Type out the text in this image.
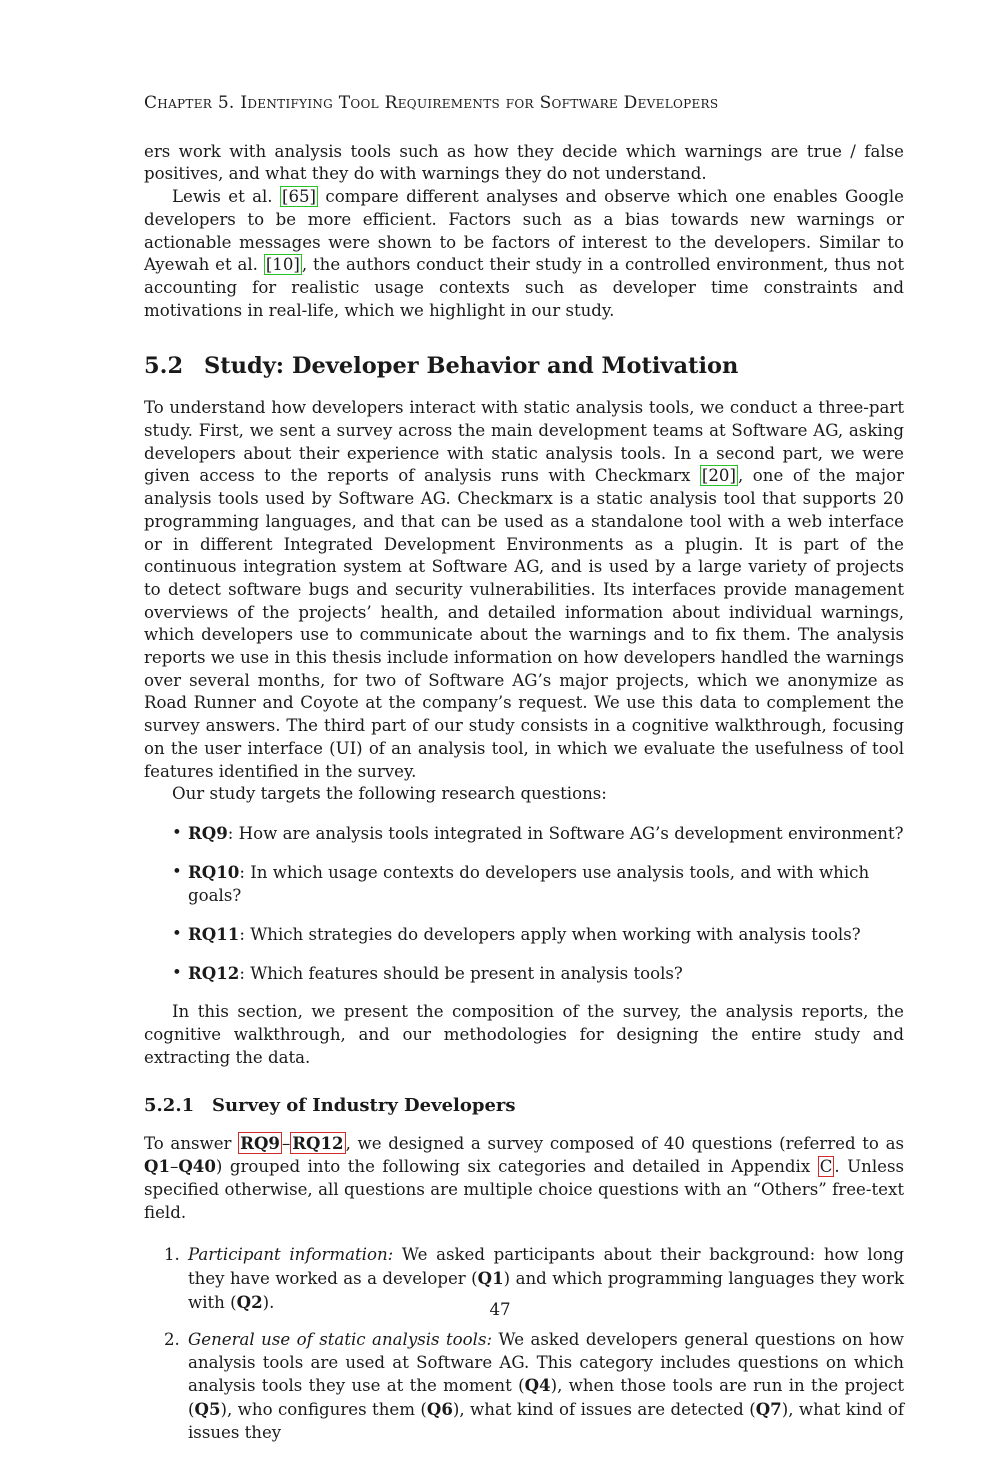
Chapter 5. Identifying Tool Requirements for Software Developers

ers work with analysis tools such as how they decide which warnings are true / false positives, and what they do with warnings they do not understand.

Lewis et al. [65] compare different analyses and observe which one enables Google developers to be more efficient. Factors such as a bias towards new warnings or actionable messages were shown to be factors of interest to the developers. Similar to Ayewah et al. [10] , the authors conduct their study in a controlled environment, thus not accounting for realistic usage contexts such as developer time constraints and motivations in real-life, which we highlight in our study.

5.2 Study: Developer Behavior and Motivation

To understand how developers interact with static analysis tools, we conduct a three-part study. First, we sent a survey across the main development teams at Software AG, asking developers about their experience with static analysis tools. In a second part, we were given access to the reports of analysis runs with Checkmarx [20] , one of the major analysis tools used by Software AG. Checkmarx is a static analysis tool that supports 20 programming languages, and that can be used as a standalone tool with a web interface or in different Integrated Development Environments as a plugin. It is part of the continuous integration system at Software AG, and is used by a large variety of projects to detect software bugs and security vulnerabilities. Its interfaces provide management overviews of the projects’ health, and detailed information about individual warnings, which developers use to communicate about the warnings and to fix them. The analysis reports we use in this thesis include information on how developers handled the warnings over several months, for two of Software AG’s major projects, which we anonymize as Road Runner and Coyote at the company’s request. We use this data to complement the survey answers. The third part of our study consists in a cognitive walkthrough, focusing on the user interface (UI) of an analysis tool, in which we evaluate the usefulness of tool features identified in the survey.

Our study targets the following research questions:

• RQ9: How are analysis tools integrated in Software AG’s development environment?
• RQ10: In which usage contexts do developers use analysis tools, and with which goals?
• RQ11: Which strategies do developers apply when working with analysis tools?
• RQ12: Which features should be present in analysis tools?

In this section, we present the composition of the survey, the analysis reports, the cognitive walkthrough, and our methodologies for designing the entire study and extracting the data.

5.2.1 Survey of Industry Developers

To answer RQ9 – RQ12 , we designed a survey composed of 40 questions (referred to as Q1–Q40) grouped into the following six categories and detailed in Appendix C . Unless specified otherwise, all questions are multiple choice questions with an “Others” free-text field.

1. Participant information: We asked participants about their background: how long they have worked as a developer (Q1) and which programming languages they work with (Q2).
2. General use of static analysis tools: We asked developers general questions on how analysis tools are used at Software AG. This category includes questions on which analysis tools they use at the moment (Q4), when those tools are run in the project (Q5), who configures them (Q6), what kind of issues are detected (Q7), what kind of issues they
47
